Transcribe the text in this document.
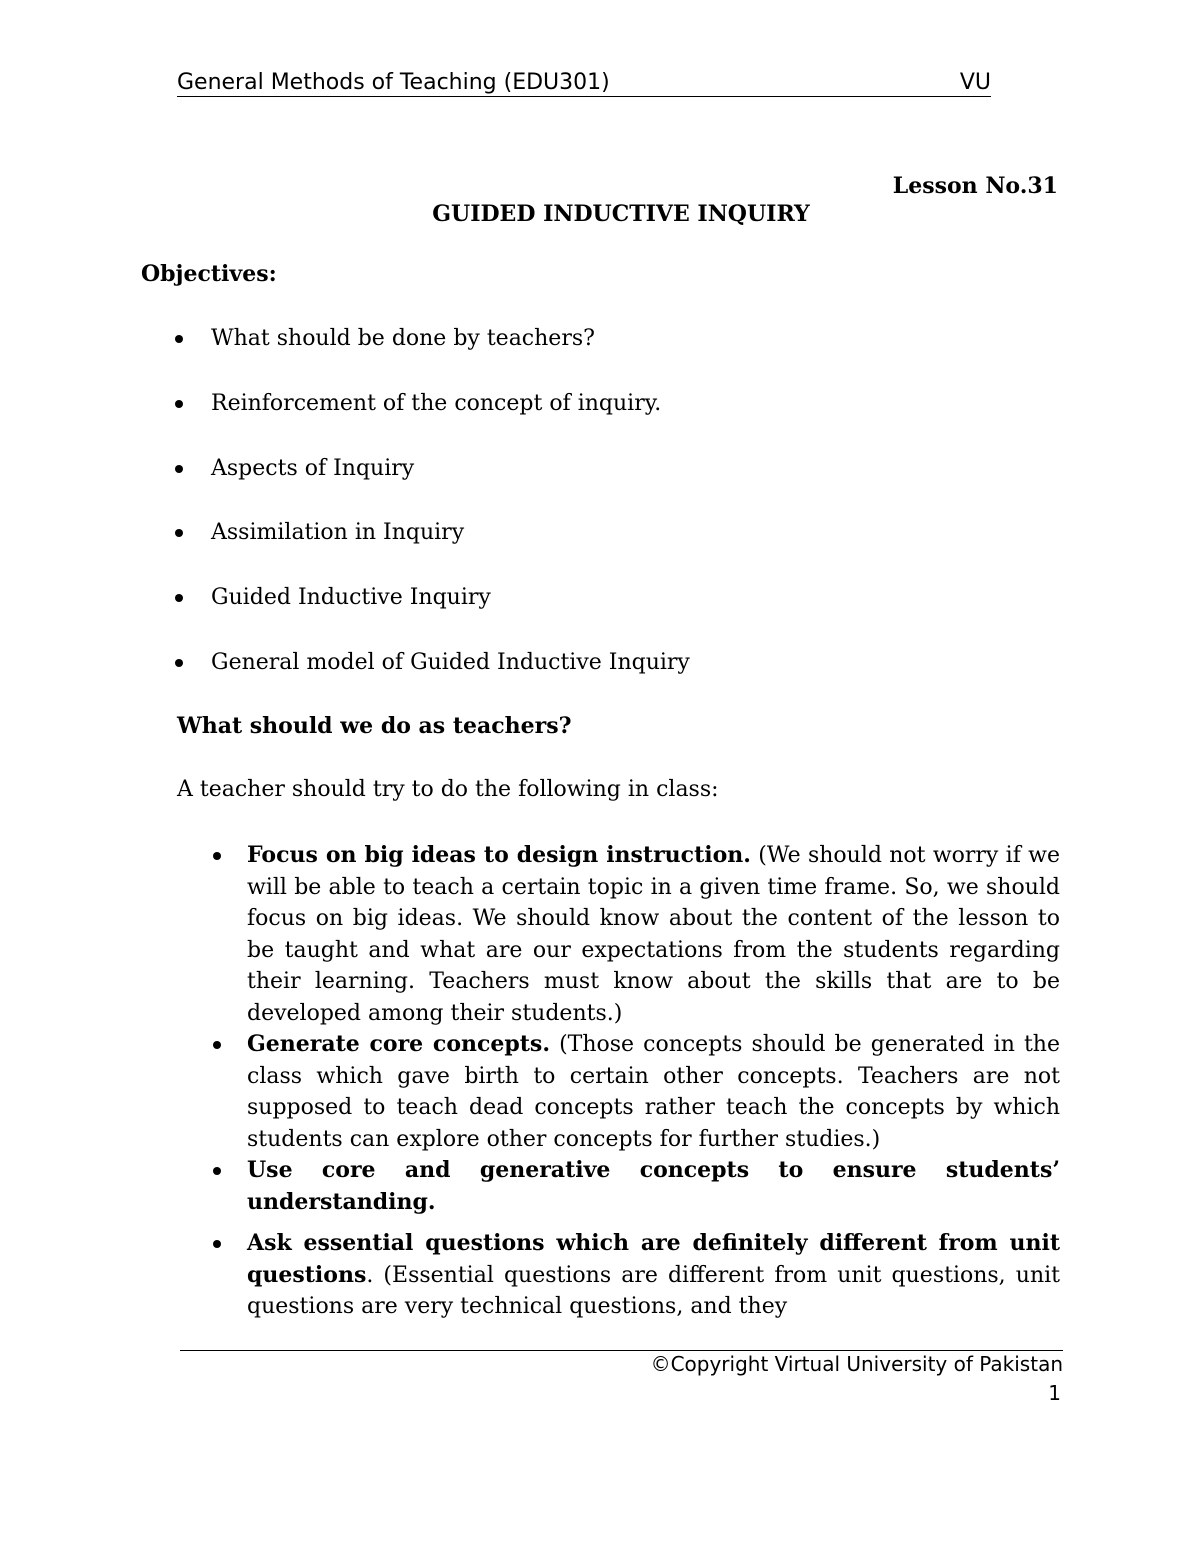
General Methods of Teaching (EDU301)	VU
Lesson No.31
GUIDED INDUCTIVE INQUIRY
Objectives:
What should be done by teachers?
Reinforcement of the concept of inquiry.
Aspects of Inquiry
Assimilation in Inquiry
Guided Inductive Inquiry
General model of Guided Inductive Inquiry
What should we do as teachers?
A teacher should try to do the following in class:
Focus on big ideas to design instruction. (We should not worry if we will be able to teach a certain topic in a given time frame. So, we should focus on big ideas. We should know about the content of the lesson to be taught and what are our expectations from the students regarding their learning. Teachers must know about the skills that are to be developed among their students.)
Generate core concepts. (Those concepts should be generated in the class which gave birth to certain other concepts. Teachers are not supposed to teach dead concepts rather teach the concepts by which students can explore other concepts for further studies.)
Use core and generative concepts to ensure students’ understanding.
Ask essential questions which are definitely different from unit questions. (Essential questions are different from unit questions, unit questions are very technical questions, and they
©Copyright Virtual University of Pakistan
1
